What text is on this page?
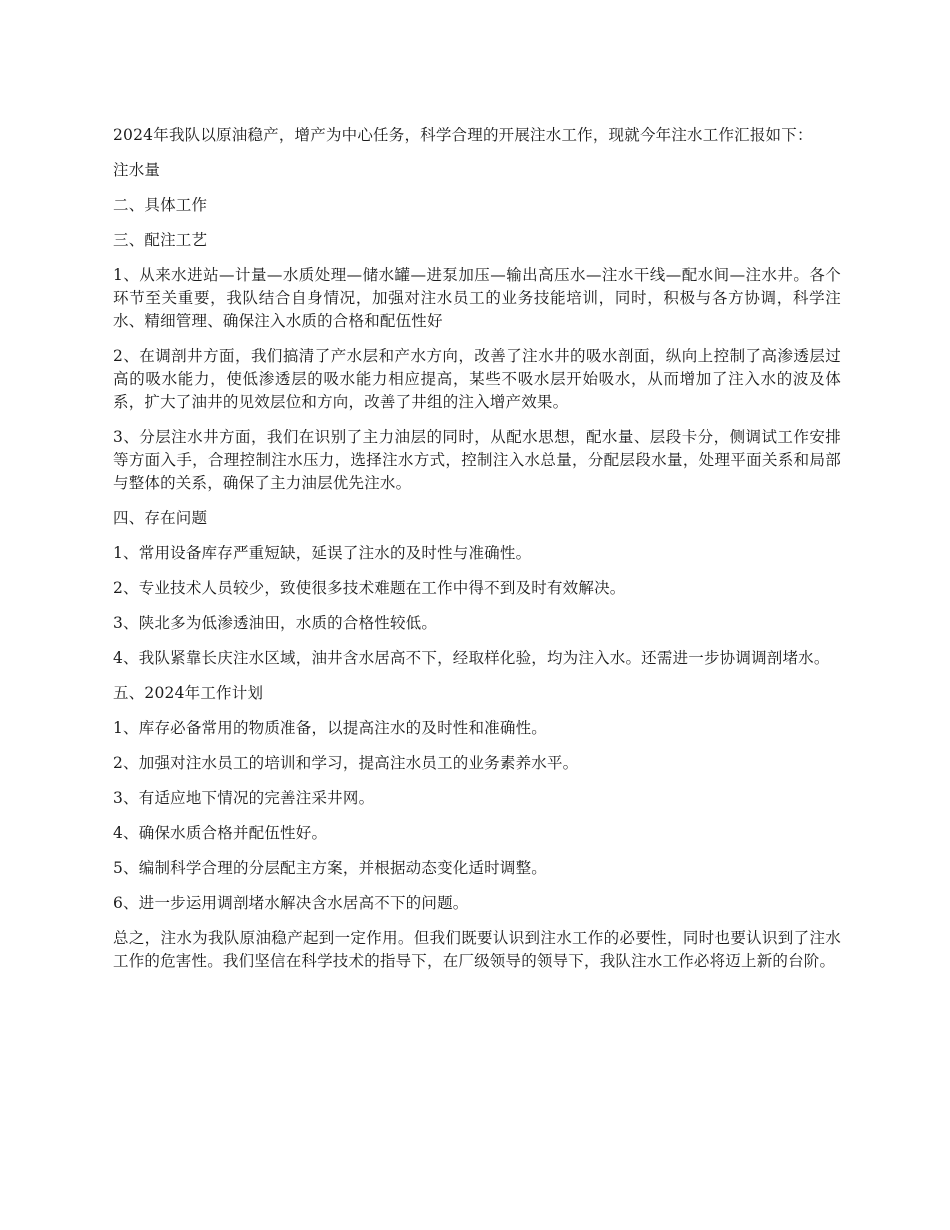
2024年我队以原油稳产，增产为中心任务，科学合理的开展注水工作，现就今年注水工作汇报如下：

注水量

二、具体工作

三、配注工艺

1、从来水进站—计量—水质处理—储水罐—进泵加压—输出高压水—注水干线—配水间—注水井。各个环节至关重要，我队结合自身情况，加强对注水员工的业务技能培训，同时，积极与各方协调，科学注水、精细管理、确保注入水质的合格和配伍性好

2、在调剖井方面，我们搞清了产水层和产水方向，改善了注水井的吸水剖面，纵向上控制了高渗透层过高的吸水能力，使低渗透层的吸水能力相应提高，某些不吸水层开始吸水，从而增加了注入水的波及体系，扩大了油井的见效层位和方向，改善了井组的注入增产效果。

3、分层注水井方面，我们在识别了主力油层的同时，从配水思想，配水量、层段卡分，侧调试工作安排等方面入手，合理控制注水压力，选择注水方式，控制注入水总量，分配层段水量，处理平面关系和局部与整体的关系，确保了主力油层优先注水。

四、存在问题

1、常用设备库存严重短缺，延误了注水的及时性与准确性。

2、专业技术人员较少，致使很多技术难题在工作中得不到及时有效解决。

3、陕北多为低渗透油田，水质的合格性较低。

4、我队紧靠长庆注水区域，油井含水居高不下，经取样化验，均为注入水。还需进一步协调调剖堵水。

五、2024年工作计划

1、库存必备常用的物质准备，以提高注水的及时性和准确性。

2、加强对注水员工的培训和学习，提高注水员工的业务素养水平。

3、有适应地下情况的完善注采井网。

4、确保水质合格并配伍性好。

5、编制科学合理的分层配主方案，并根据动态变化适时调整。

6、进一步运用调剖堵水解决含水居高不下的问题。

总之，注水为我队原油稳产起到一定作用。但我们既要认识到注水工作的必要性，同时也要认识到了注水工作的危害性。我们坚信在科学技术的指导下，在厂级领导的领导下，我队注水工作必将迈上新的台阶。
